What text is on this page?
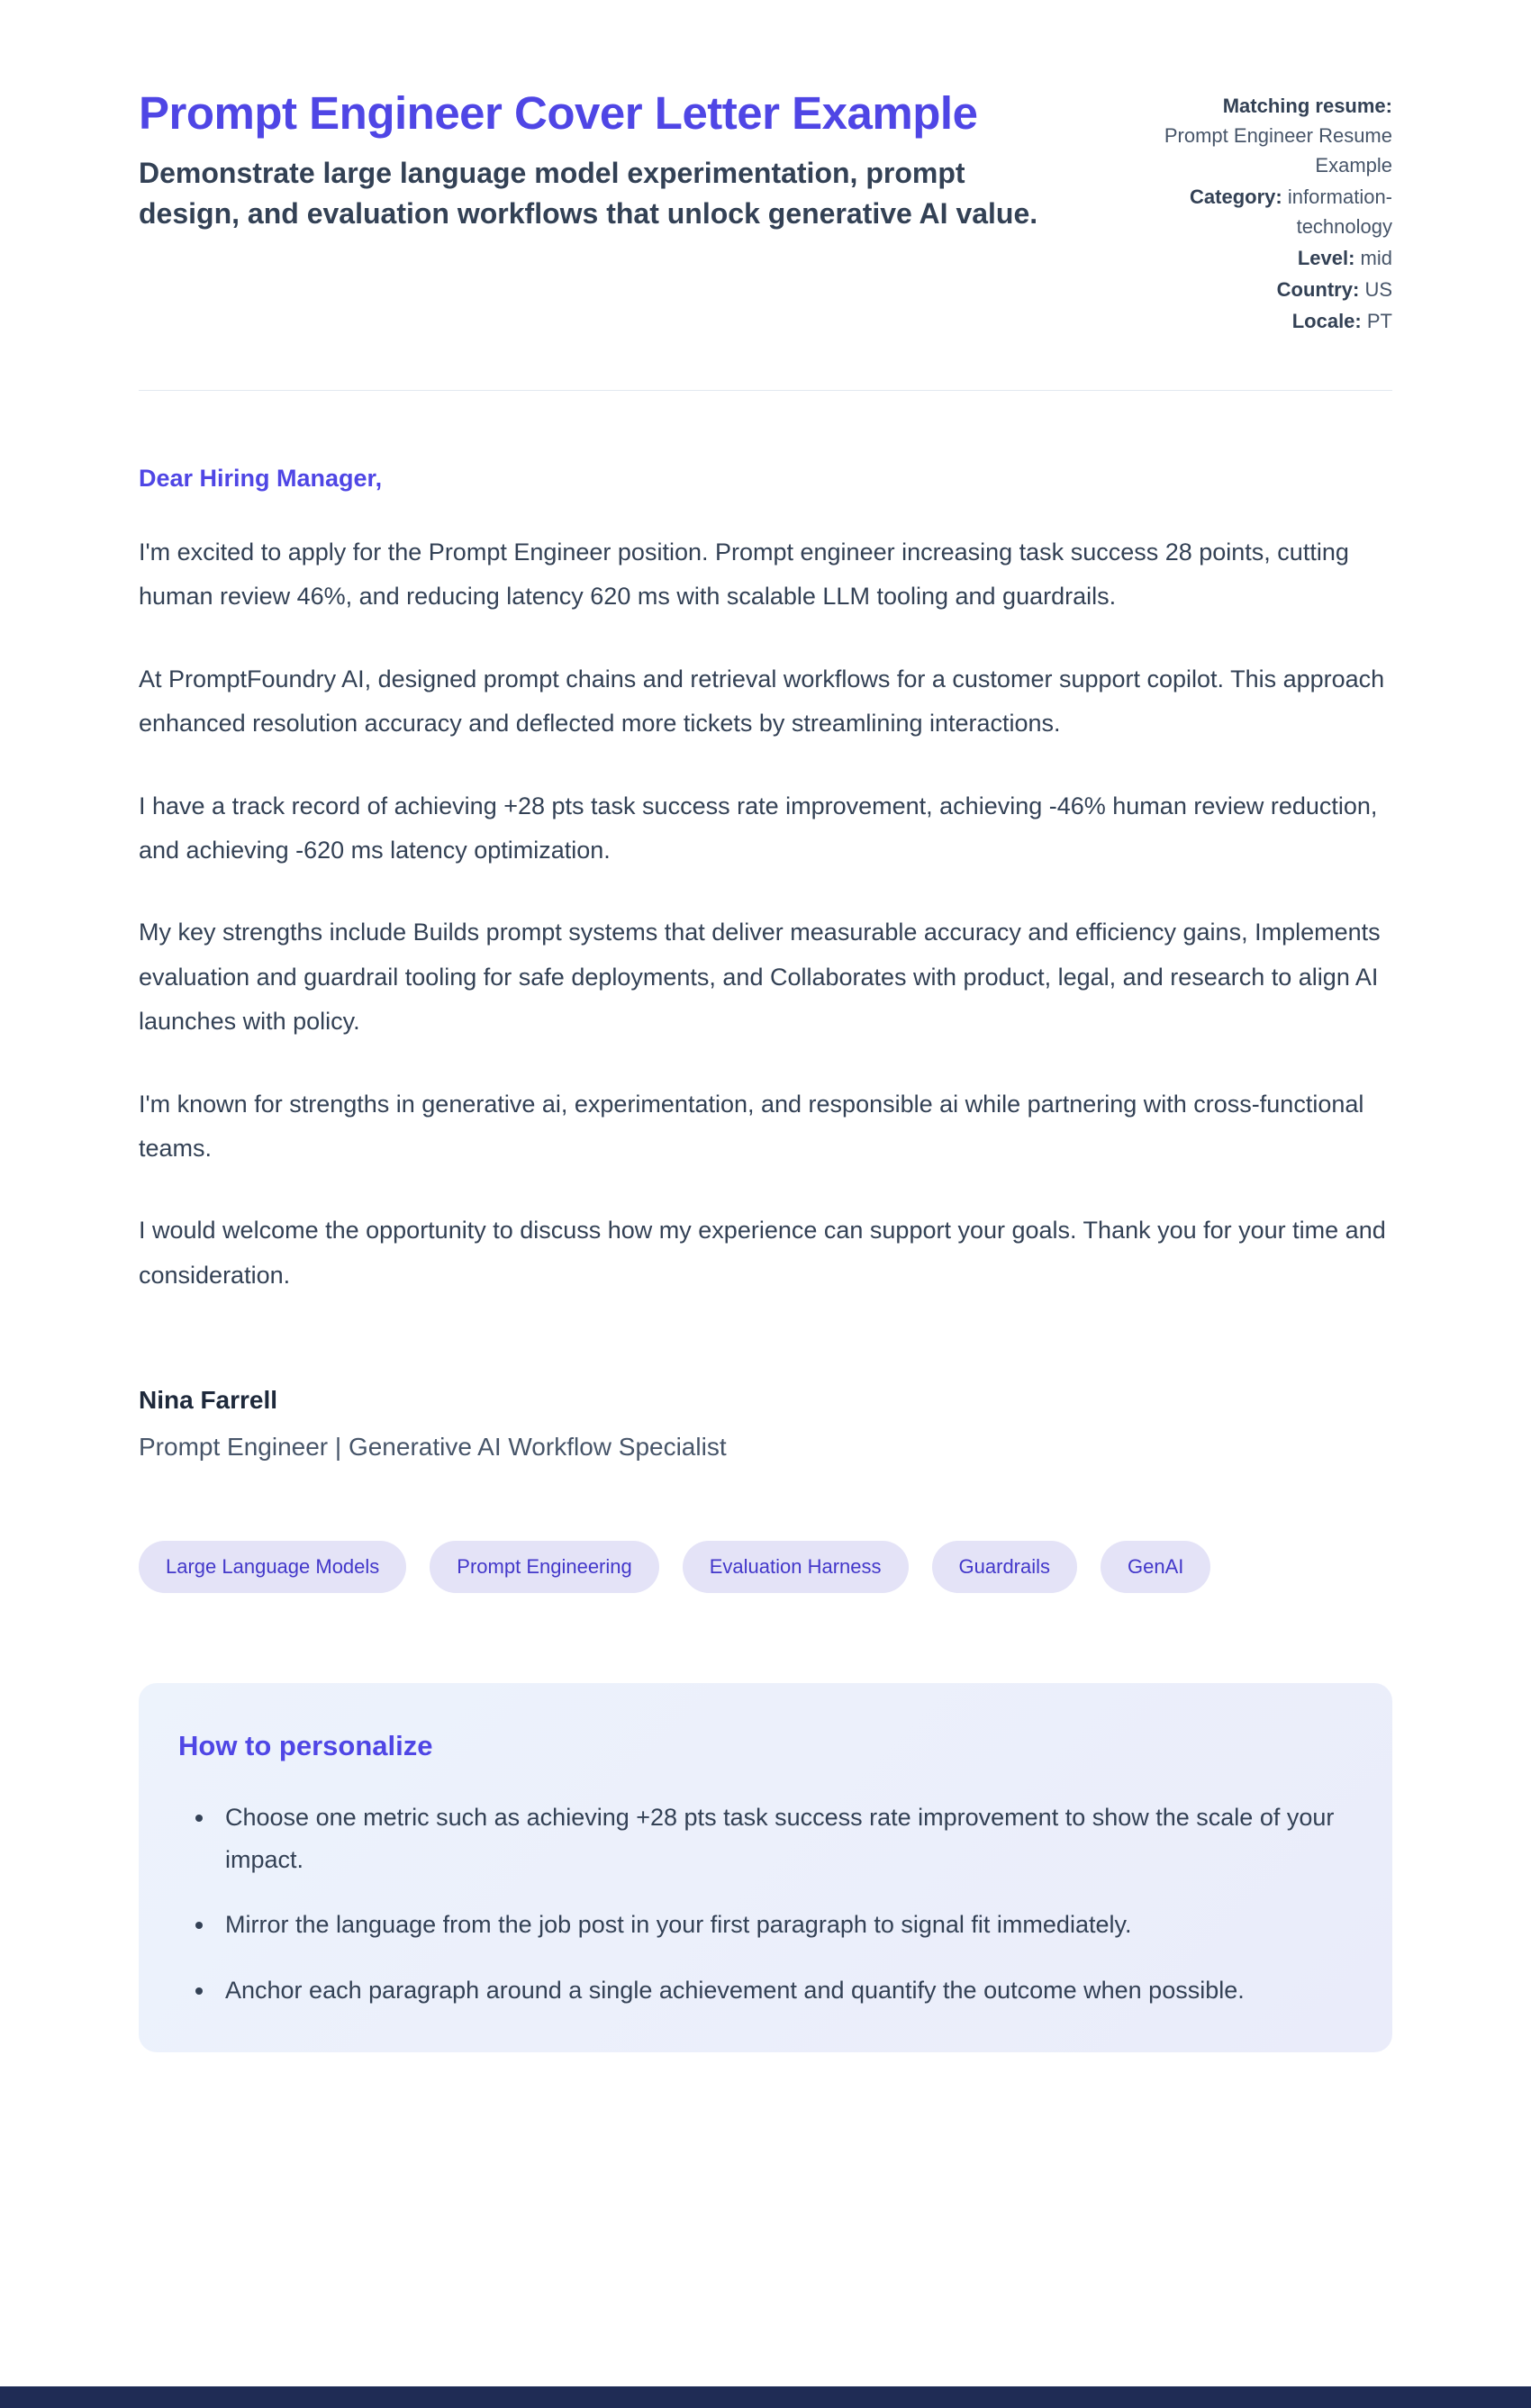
Prompt Engineer Cover Letter Example
Demonstrate large language model experimentation, prompt design, and evaluation workflows that unlock generative AI value.
Matching resume: Prompt Engineer Resume Example
Category: information-technology
Level: mid
Country: US
Locale: PT
Dear Hiring Manager,

I'm excited to apply for the Prompt Engineer position. Prompt engineer increasing task success 28 points, cutting human review 46%, and reducing latency 620 ms with scalable LLM tooling and guardrails.

At PromptFoundry AI, designed prompt chains and retrieval workflows for a customer support copilot. This approach enhanced resolution accuracy and deflected more tickets by streamlining interactions.

I have a track record of achieving +28 pts task success rate improvement, achieving -46% human review reduction, and achieving -620 ms latency optimization.

My key strengths include Builds prompt systems that deliver measurable accuracy and efficiency gains, Implements evaluation and guardrail tooling for safe deployments, and Collaborates with product, legal, and research to align AI launches with policy.

I'm known for strengths in generative ai, experimentation, and responsible ai while partnering with cross-functional teams.

I would welcome the opportunity to discuss how my experience can support your goals. Thank you for your time and consideration.

Nina Farrell
Prompt Engineer | Generative AI Workflow Specialist
Large Language Models	Prompt Engineering	Evaluation Harness	Guardrails	GenAI
How to personalize
• Choose one metric such as achieving +28 pts task success rate improvement to show the scale of your impact.
• Mirror the language from the job post in your first paragraph to signal fit immediately.
• Anchor each paragraph around a single achievement and quantify the outcome when possible.
